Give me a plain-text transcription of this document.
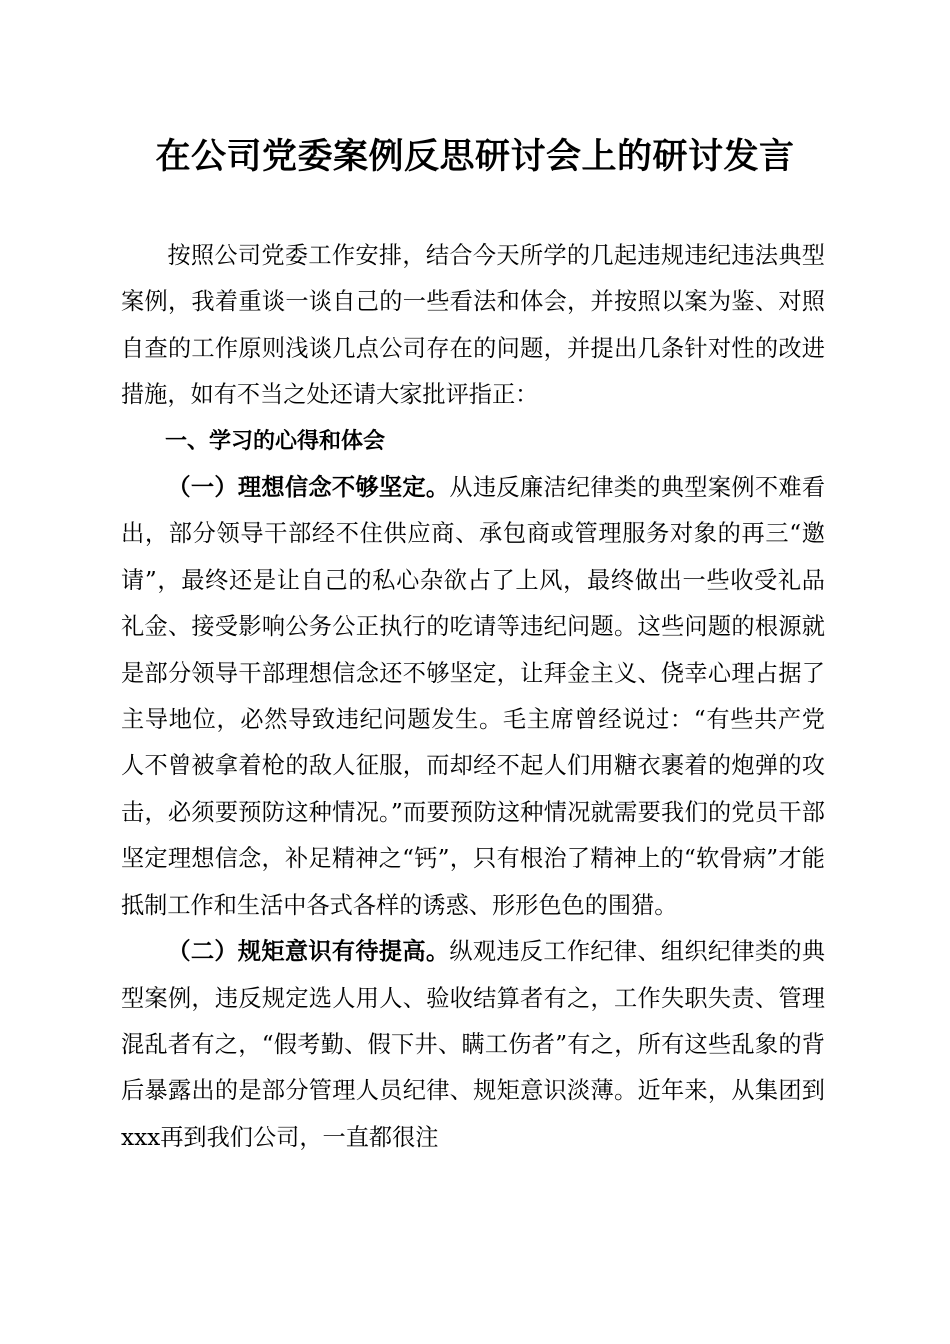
在公司党委案例反思研讨会上的研讨发言

按照公司党委工作安排，结合今天所学的几起违规违纪违法典型案例，我着重谈一谈自己的一些看法和体会，并按照以案为鉴、对照自查的工作原则浅谈几点公司存在的问题，并提出几条针对性的改进措施，如有不当之处还请大家批评指正：

一、学习的心得和体会

（一）理想信念不够坚定。从违反廉洁纪律类的典型案例不难看出，部分领导干部经不住供应商、承包商或管理服务对象的再三“邀请”，最终还是让自己的私心杂欲占了上风，最终做出一些收受礼品礼金、接受影响公务公正执行的吃请等违纪问题。这些问题的根源就是部分领导干部理想信念还不够坚定，让拜金主义、侥幸心理占据了主导地位，必然导致违纪问题发生。毛主席曾经说过：“有些共产党人不曾被拿着枪的敌人征服，而却经不起人们用糖衣裹着的炮弹的攻击，必须要预防这种情况。”而要预防这种情况就需要我们的党员干部坚定理想信念，补足精神之“钙”，只有根治了精神上的“软骨病”才能抵制工作和生活中各式各样的诱惑、形形色色的围猎。

（二）规矩意识有待提高。纵观违反工作纪律、组织纪律类的典型案例，违反规定选人用人、验收结算者有之，工作失职失责、管理混乱者有之，“假考勤、假下井、瞒工伤者”有之，所有这些乱象的背后暴露出的是部分管理人员纪律、规矩意识淡薄。近年来，从集团到xxx再到我们公司，一直都很注
